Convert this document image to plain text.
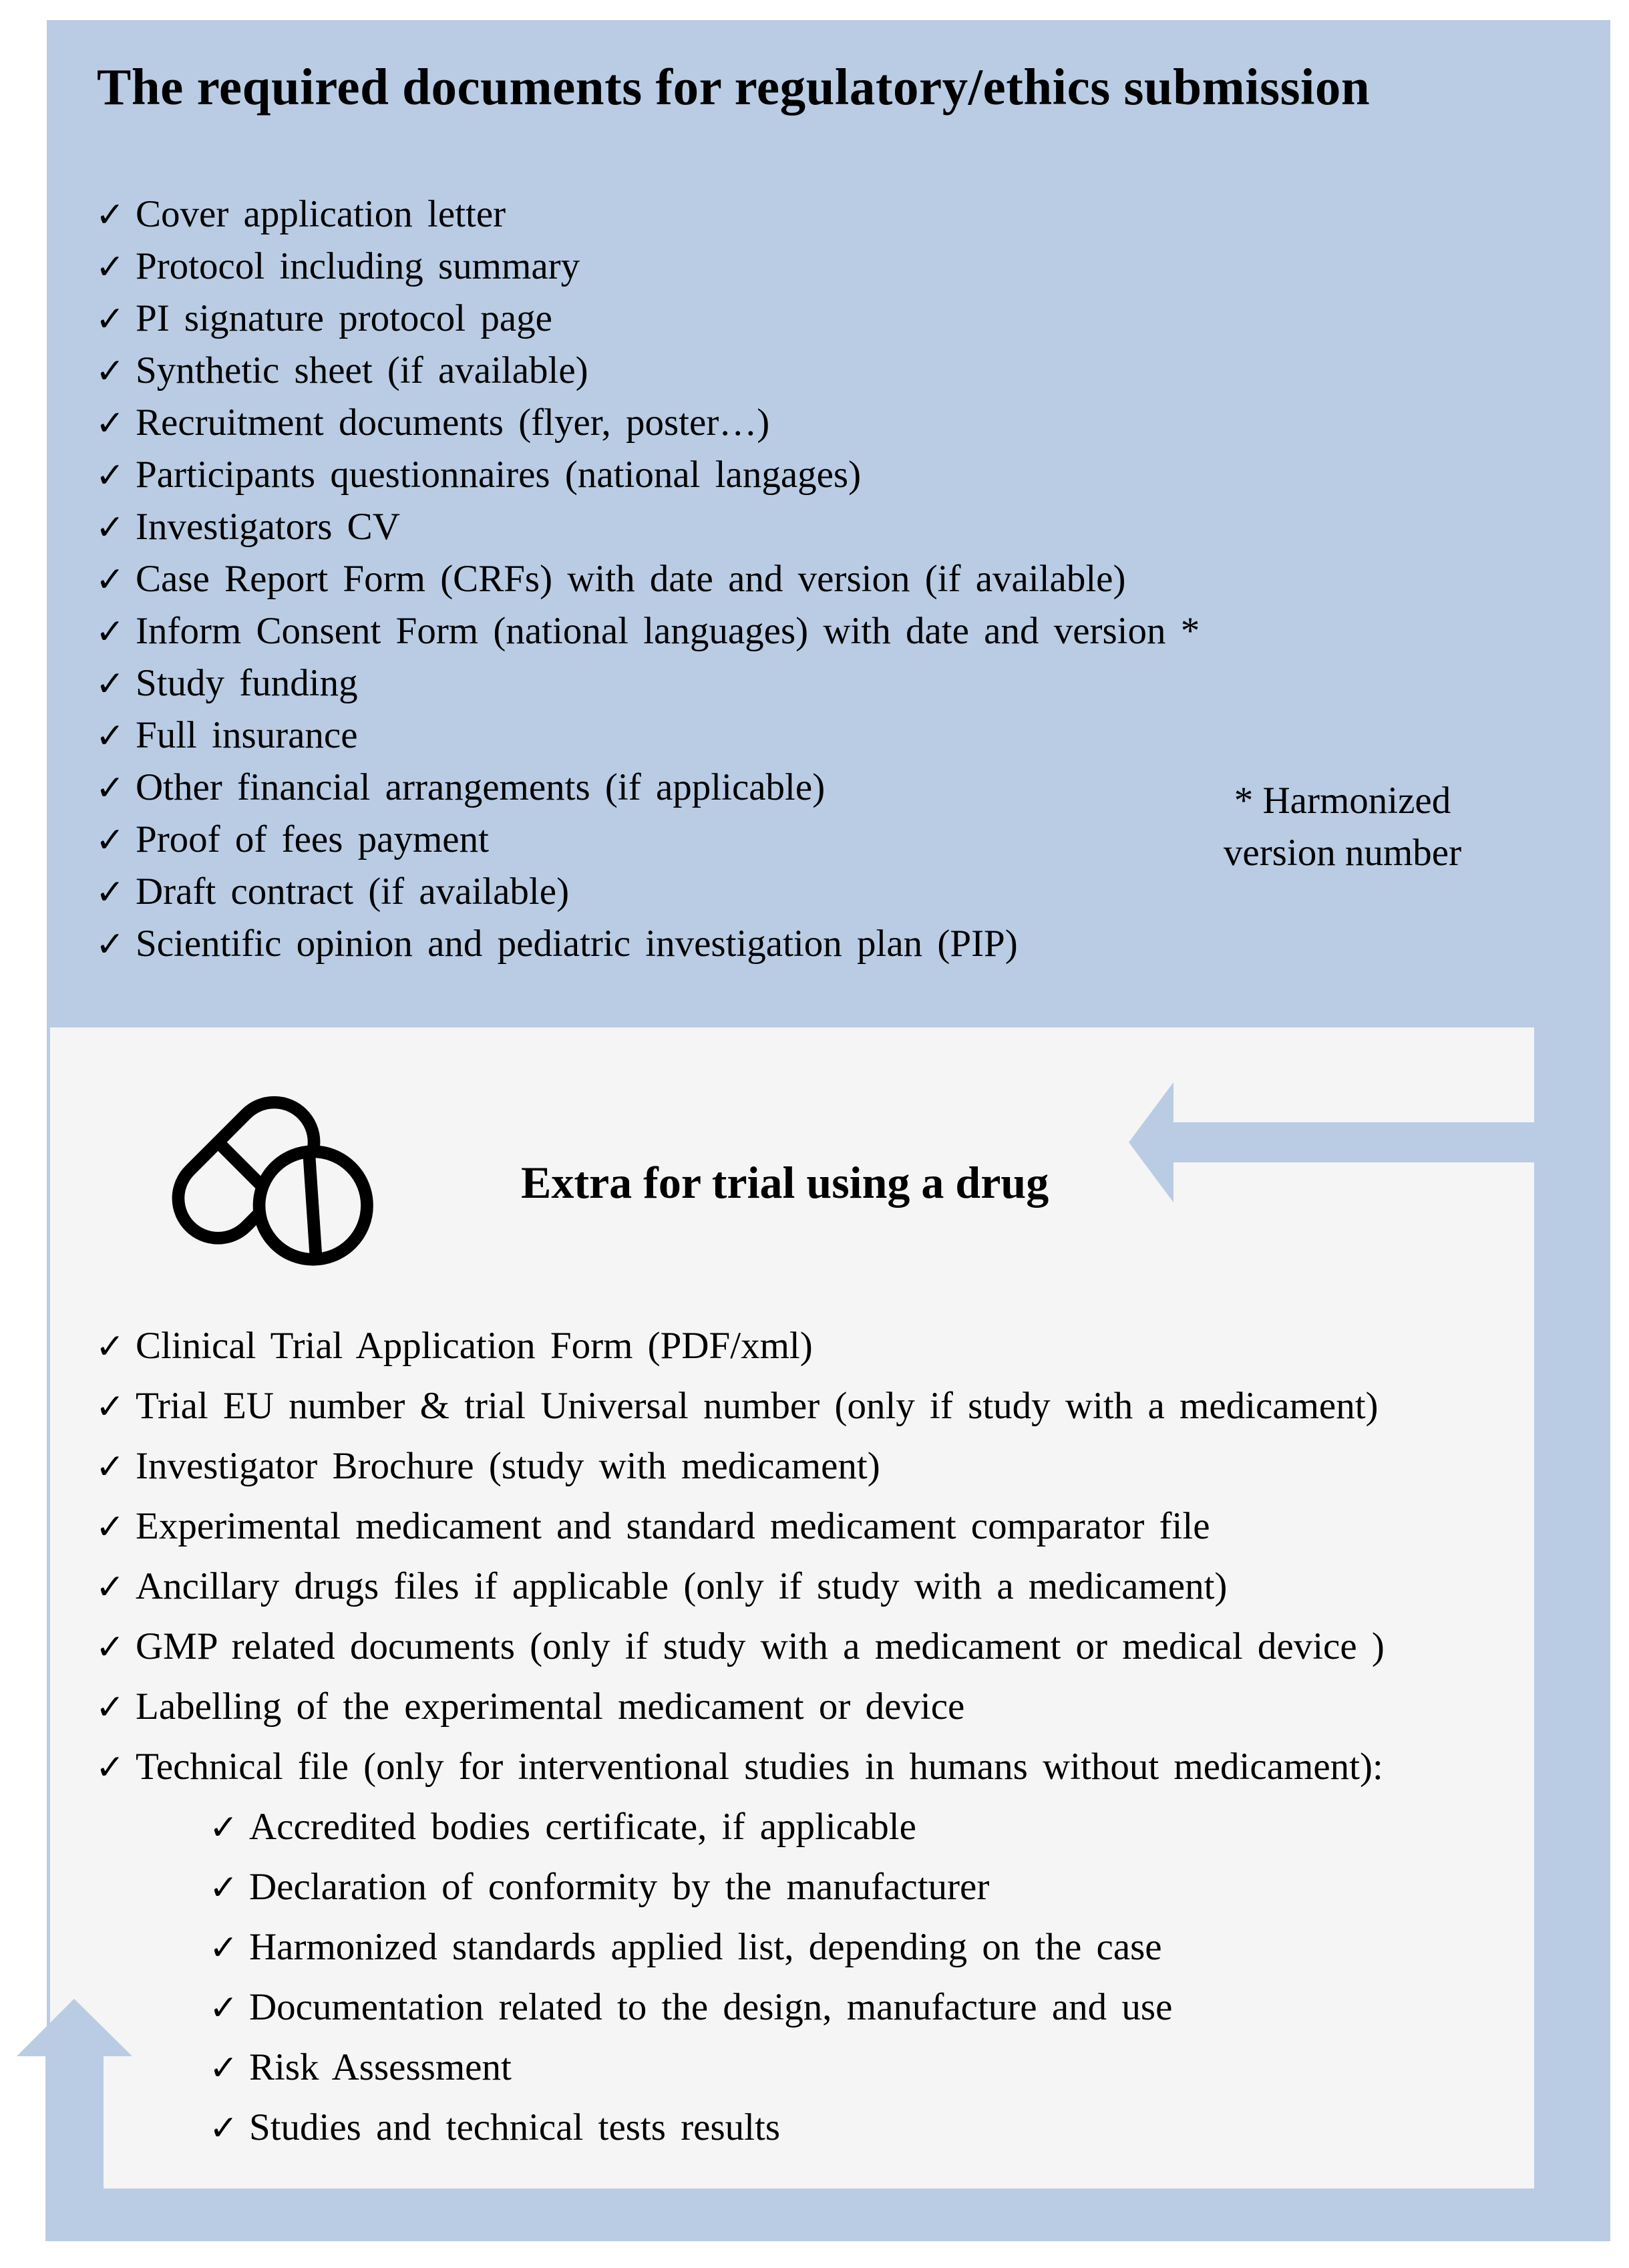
The required documents for regulatory/ethics submission
✓ Cover application letter
✓ Protocol including summary
✓ PI signature protocol page
✓ Synthetic sheet (if available)
✓ Recruitment documents (flyer, poster…)
✓ Participants questionnaires (national langages)
✓ Investigators CV
✓ Case Report Form (CRFs) with date and version (if available)
✓ Inform Consent Form (national languages) with date and version *
✓ Study funding
✓ Full insurance
✓ Other financial arrangements (if applicable)
✓ Proof of fees payment
✓ Draft contract (if available)
✓ Scientific opinion and pediatric investigation plan (PIP)
* Harmonized
version number
Extra for trial using a drug
✓ Clinical Trial Application Form (PDF/xml)
✓ Trial EU number & trial Universal number (only if study with a medicament)
✓ Investigator Brochure (study with medicament)
✓ Experimental medicament and standard medicament comparator file
✓ Ancillary drugs files if applicable (only if study with a medicament)
✓ GMP related documents (only if study with a medicament or medical device )
✓ Labelling of the experimental medicament or device
✓ Technical file (only for interventional studies in humans without medicament):
✓ Accredited bodies certificate, if applicable
✓ Declaration of conformity by the manufacturer
✓ Harmonized standards applied list, depending on the case
✓ Documentation related to the design, manufacture and use
✓ Risk Assessment
✓ Studies and technical tests results
